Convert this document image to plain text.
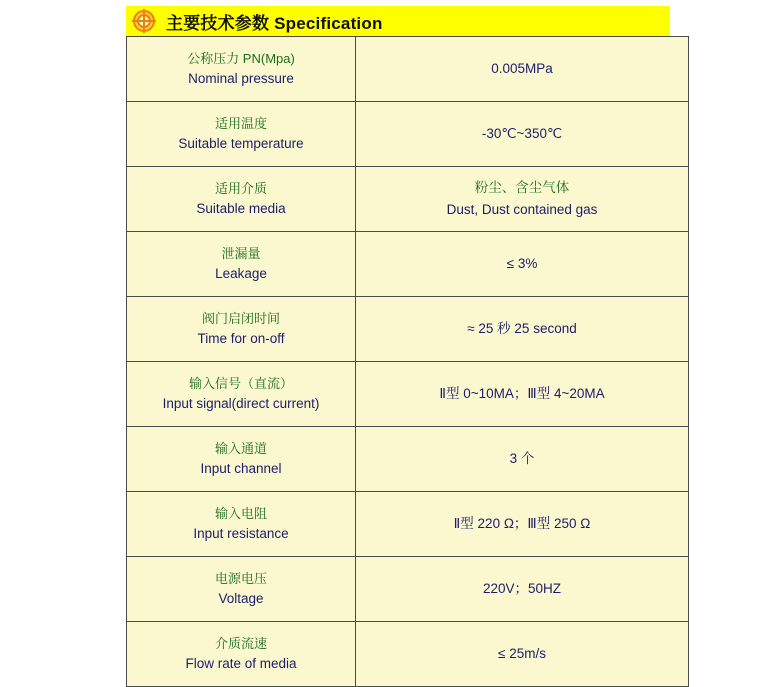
主要技术参数 Specification
公称压力 PN(Mpa)
Nominal pressure	0.005MPa

适用温度
Suitable temperature	-30℃~350℃

适用介质
Suitable media	粉尘、含尘气体
Dust, Dust contained gas

泄漏量
Leakage	≤ 3%

阀门启闭时间
Time for on-off	≈ 25 秒 25 second

输入信号（直流）
Input signal(direct current)	Ⅱ型 0~10MA；Ⅲ型 4~20MA

输入通道
Input channel	3 个

输入电阻
Input resistance	Ⅱ型 220 Ω；Ⅲ型 250 Ω

电源电压
Voltage	220V；50HZ

介质流速
Flow rate of media	≤ 25m/s
